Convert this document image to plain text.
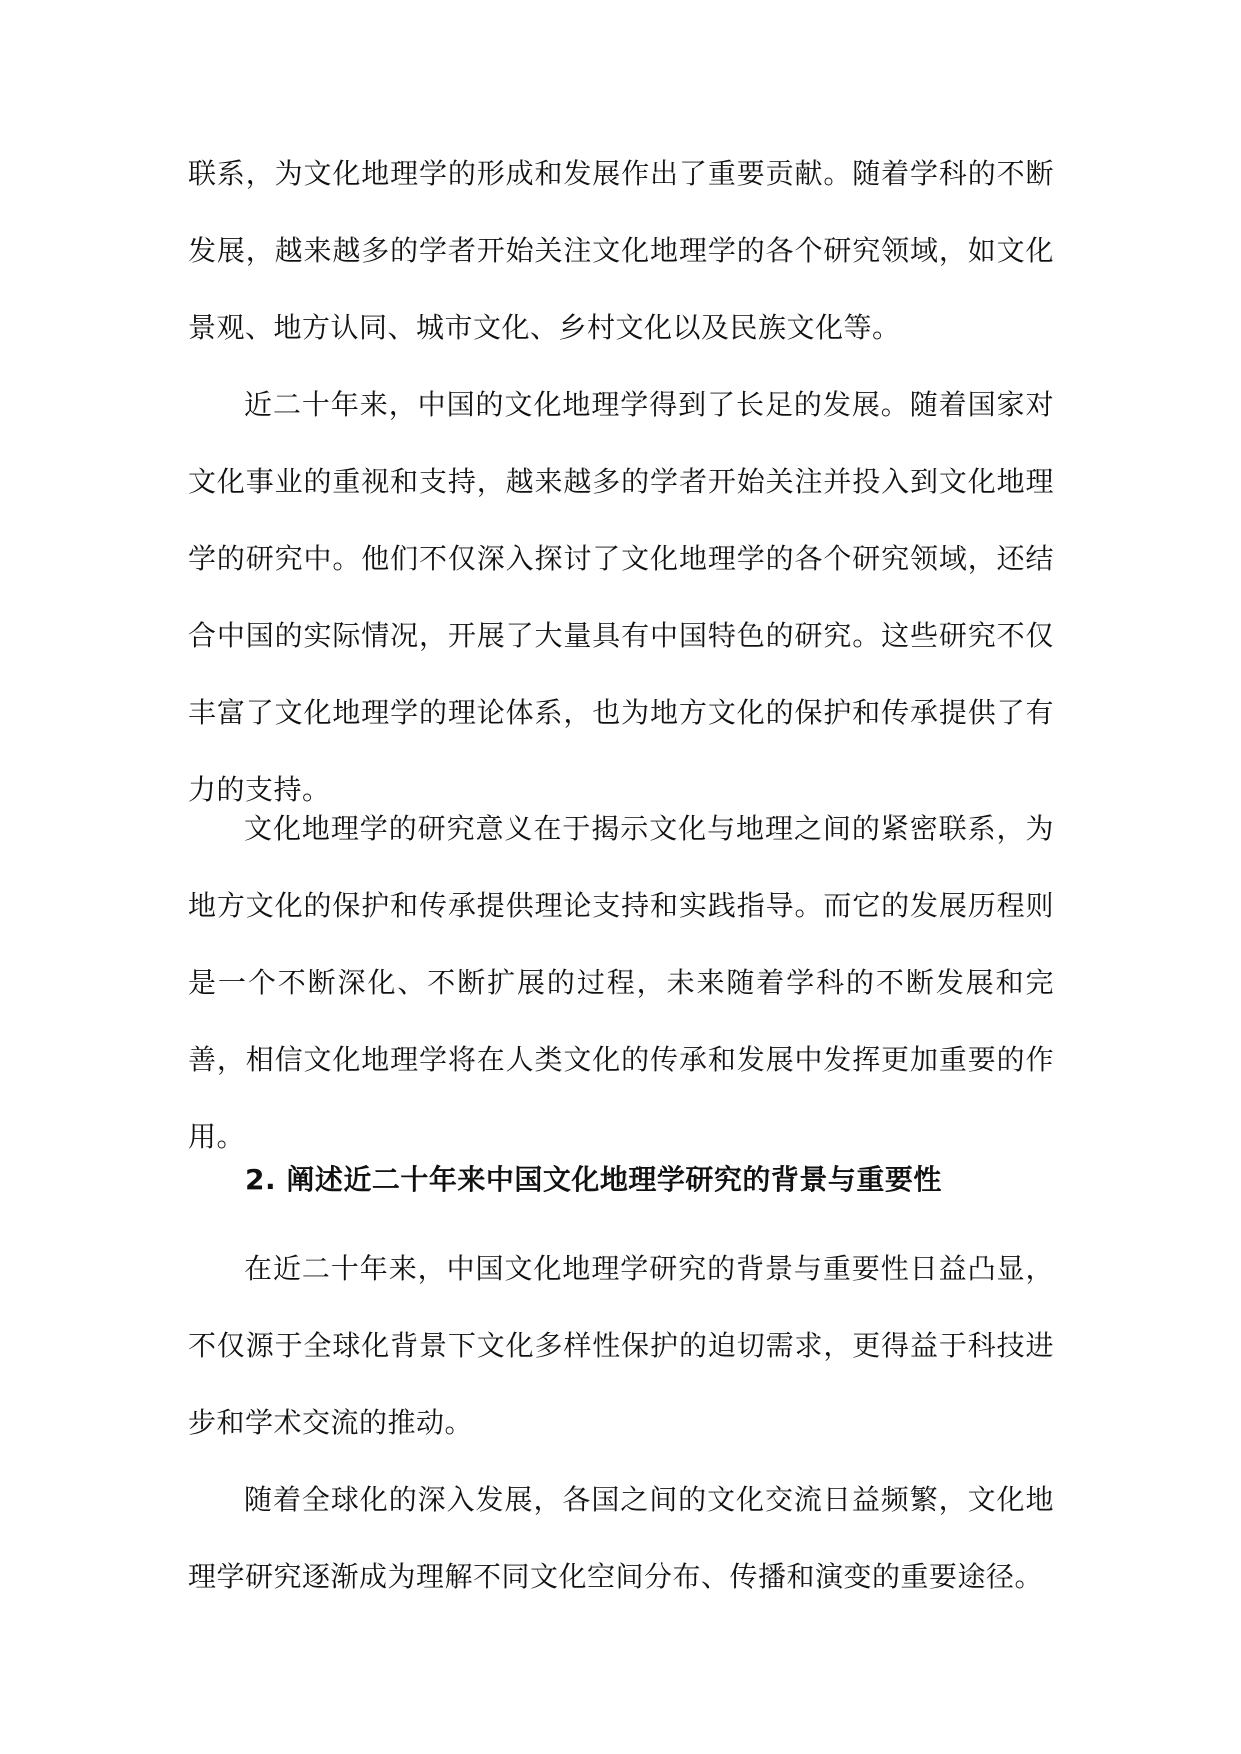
联系，为文化地理学的形成和发展作出了重要贡献。随着学科的不断发展，越来越多的学者开始关注文化地理学的各个研究领域，如文化景观、地方认同、城市文化、乡村文化以及民族文化等。

近二十年来，中国的文化地理学得到了长足的发展。随着国家对文化事业的重视和支持，越来越多的学者开始关注并投入到文化地理学的研究中。他们不仅深入探讨了文化地理学的各个研究领域，还结合中国的实际情况，开展了大量具有中国特色的研究。这些研究不仅丰富了文化地理学的理论体系，也为地方文化的保护和传承提供了有力的支持。

文化地理学的研究意义在于揭示文化与地理之间的紧密联系，为地方文化的保护和传承提供理论支持和实践指导。而它的发展历程则是一个不断深化、不断扩展的过程，未来随着学科的不断发展和完善，相信文化地理学将在人类文化的传承和发展中发挥更加重要的作用。

2. 阐述近二十年来中国文化地理学研究的背景与重要性

在近二十年来，中国文化地理学研究的背景与重要性日益凸显，不仅源于全球化背景下文化多样性保护的迫切需求，更得益于科技进步和学术交流的推动。

随着全球化的深入发展，各国之间的文化交流日益频繁，文化地理学研究逐渐成为理解不同文化空间分布、传播和演变的重要途径。
